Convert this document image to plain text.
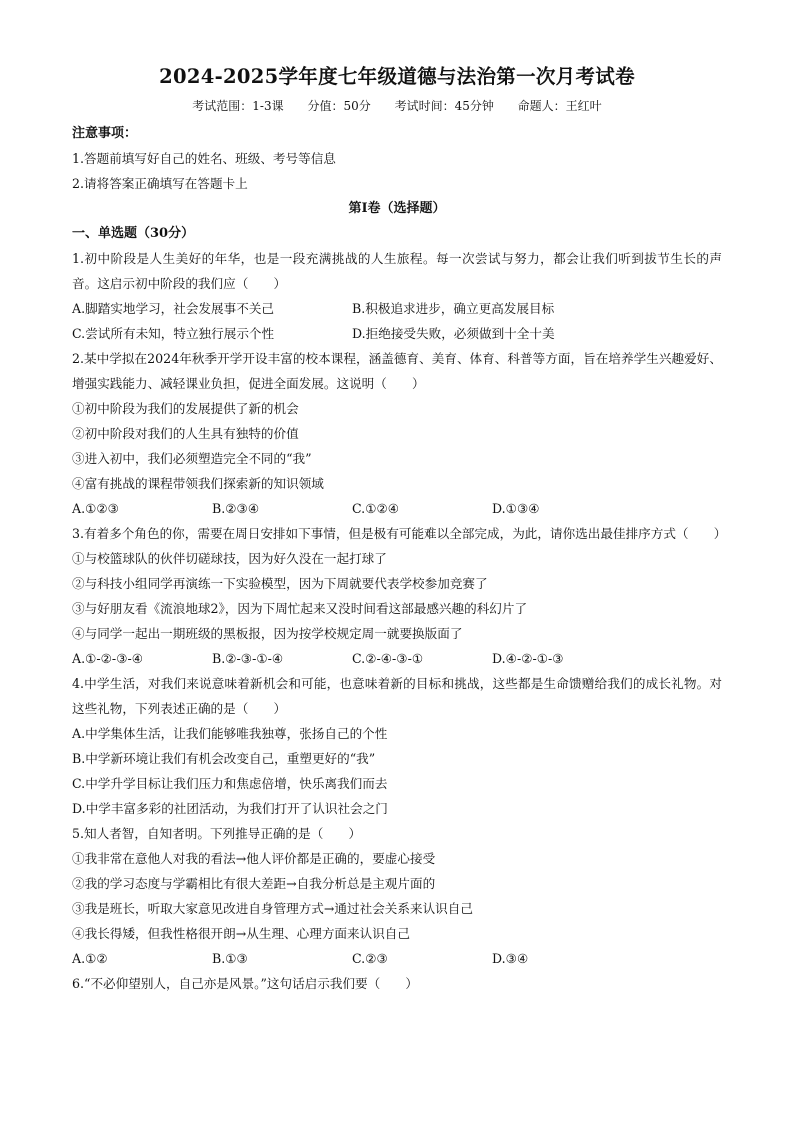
2024-2025学年度七年级道德与法治第一次月考试卷
考试范围：1-3课 分值：50分 考试时间：45分钟 命题人：王红叶
注意事项：
1.答题前填写好自己的姓名、班级、考号等信息
2.请将答案正确填写在答题卡上
第Ⅰ卷（选择题）
一、单选题（30分）
1.初中阶段是人生美好的年华，也是一段充满挑战的人生旅程。每一次尝试与努力，都会让我们听到拔节生长的声音。这启示初中阶段的我们应（　　）
A.脚踏实地学习，社会发展事不关己	B.积极追求进步，确立更高发展目标
C.尝试所有未知，特立独行展示个性	D.拒绝接受失败，必须做到十全十美
2.某中学拟在2024年秋季开学开设丰富的校本课程，涵盖德育、美育、体育、科普等方面，旨在培养学生兴趣爱好、增强实践能力、减轻课业负担，促进全面发展。这说明（　　）
①初中阶段为我们的发展提供了新的机会
②初中阶段对我们的人生具有独特的价值
③进入初中，我们必须塑造完全不同的“我”
④富有挑战的课程带领我们探索新的知识领域
A.①②③	B.②③④	C.①②④	D.①③④
3.有着多个角色的你，需要在周日安排如下事情，但是极有可能难以全部完成，为此，请你选出最佳排序方式（　　）
①与校篮球队的伙伴切磋球技，因为好久没在一起打球了
②与科技小组同学再演练一下实验模型，因为下周就要代表学校参加竞赛了
③与好朋友看《流浪地球2》，因为下周忙起来又没时间看这部最感兴趣的科幻片了
④与同学一起出一期班级的黑板报，因为按学校规定周一就要换版面了
A.①-②-③-④	B.②-③-①-④	C.②-④-③-①	D.④-②-①-③
4.中学生活，对我们来说意味着新机会和可能，也意味着新的目标和挑战，这些都是生命馈赠给我们的成长礼物。对这些礼物，下列表述正确的是（　　）
A.中学集体生活，让我们能够唯我独尊，张扬自己的个性
B.中学新环境让我们有机会改变自己，重塑更好的“我”
C.中学升学目标让我们压力和焦虑倍增，快乐离我们而去
D.中学丰富多彩的社团活动，为我们打开了认识社会之门
5.知人者智，自知者明。下列推导正确的是（　　）
①我非常在意他人对我的看法→他人评价都是正确的，要虚心接受
②我的学习态度与学霸相比有很大差距→自我分析总是主观片面的
③我是班长，听取大家意见改进自身管理方式→通过社会关系来认识自己
④我长得矮，但我性格很开朗→从生理、心理方面来认识自己
A.①②	B.①③	C.②③	D.③④
6.“不必仰望别人，自己亦是风景。”这句话启示我们要（　　）
